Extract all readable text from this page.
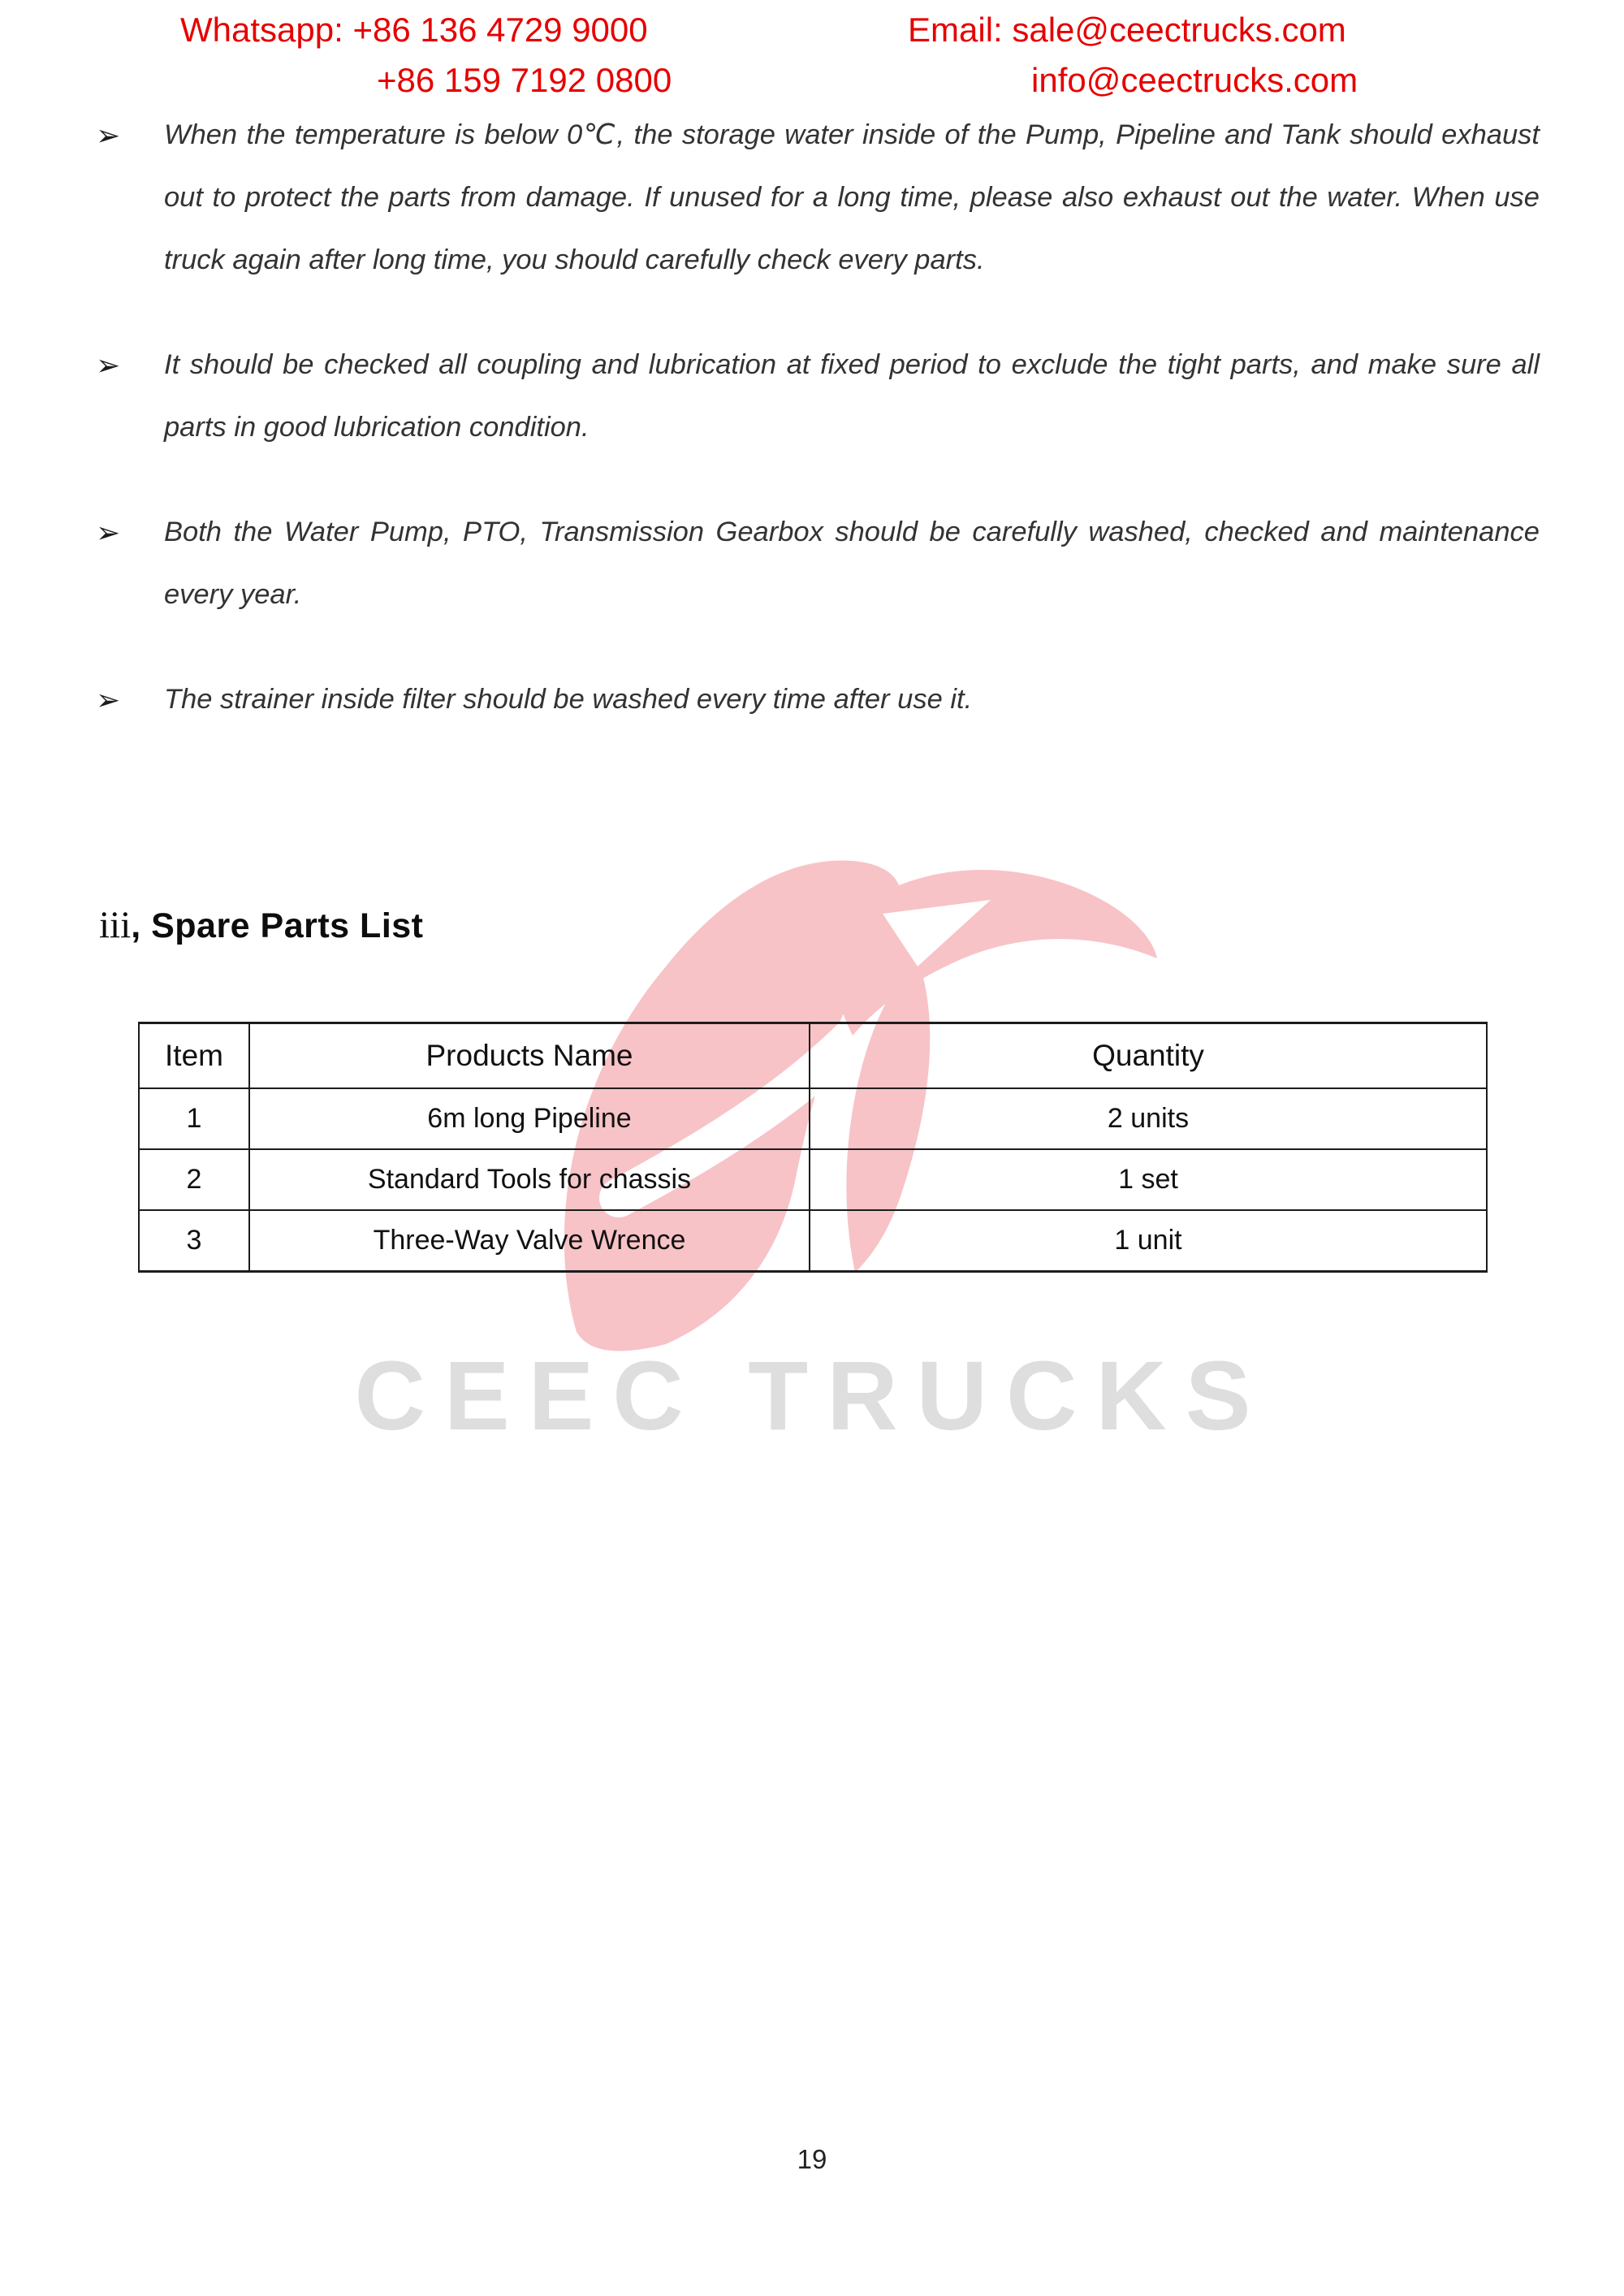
CEEC TRUCKS
Whatsapp: +86 136 4729 9000
+86 159 7192 0800
Email: sale@ceectrucks.com
info@ceectrucks.com
➢	When the temperature is below 0℃, the storage water inside of the Pump, Pipeline and Tank should exhaust out to protect the parts from damage. If unused for a long time, please also exhaust out the water. When use truck again after long time, you should carefully check every parts.
➢	It should be checked all coupling and lubrication at fixed period to exclude the tight parts, and make sure all parts in good lubrication condition.
➢	Both the Water Pump, PTO, Transmission Gearbox should be carefully washed, checked and maintenance every year.
➢	The strainer inside filter should be washed every time after use it.
iii, Spare Parts List
Item	Products Name	Quantity
1	6m long Pipeline	2 units
2	Standard Tools for chassis	1 set
3	Three-Way Valve Wrence	1 unit
19
